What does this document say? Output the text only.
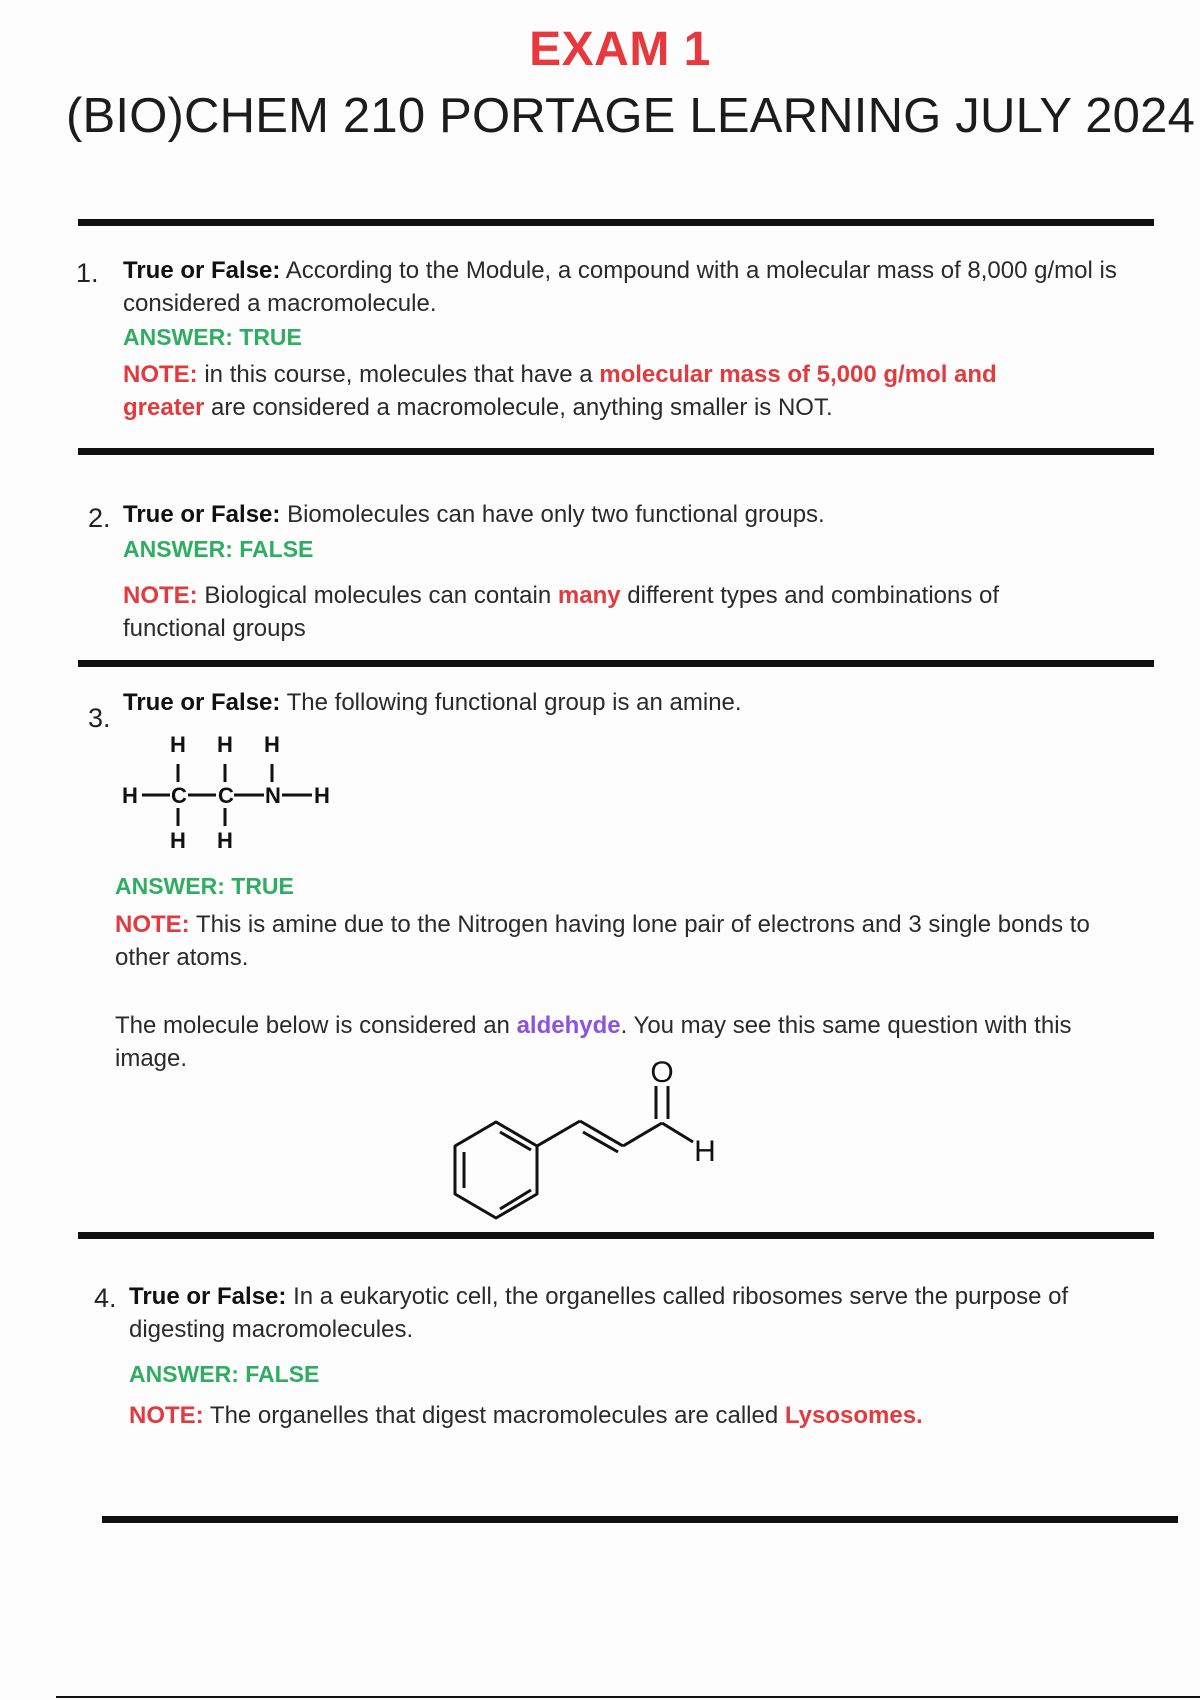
EXAM 1
(BIO)CHEM 210 PORTAGE LEARNING JULY 2024
1. True or False: According to the Module, a compound with a molecular mass of 8,000 g/mol is considered a macromolecule.
ANSWER: TRUE
NOTE: in this course, molecules that have a molecular mass of 5,000 g/mol and greater are considered a macromolecule, anything smaller is NOT.
2. True or False: Biomolecules can have only two functional groups.
ANSWER: FALSE
NOTE: Biological molecules can contain many different types and combinations of functional groups
3.
True or False: The following functional group is an amine.
H H H
H C C N H
H H
ANSWER: TRUE
NOTE: This is amine due to the Nitrogen having lone pair of electrons and 3 single bonds to other atoms.
The molecule below is considered an aldehyde. You may see this same question with this image.	O
H
4. True or False: In a eukaryotic cell, the organelles called ribosomes serve the purpose of digesting macromolecules.
ANSWER: FALSE
NOTE: The organelles that digest macromolecules are called Lysosomes.
